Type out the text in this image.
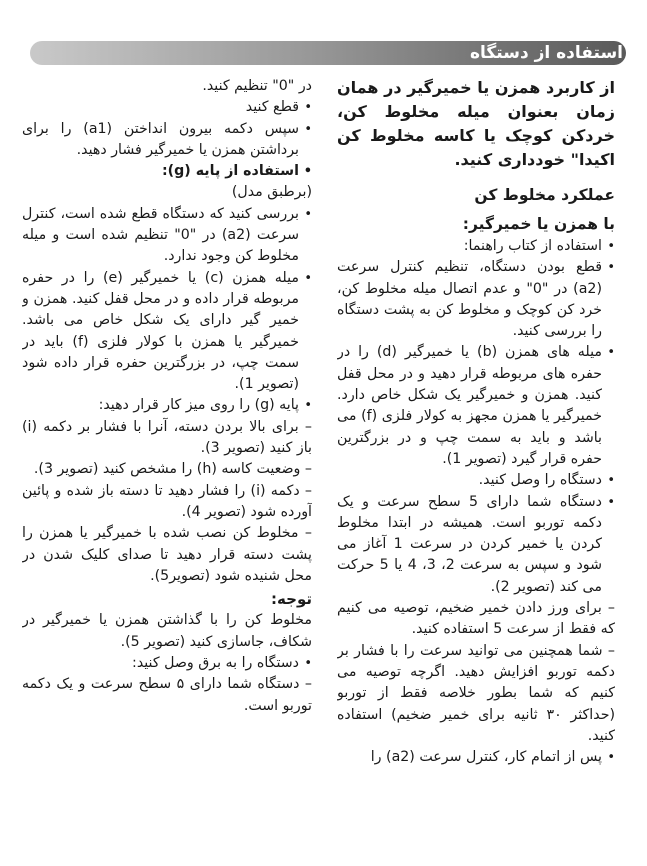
استفاده از دستگاه
از کاربرد همزن یا خمیرگیر در همان زمان بعنوان میله مخلوط کن، خردکن کوچک یا کاسه مخلوط کن اکیدا" خودداری کنید.
عملکرد مخلوط کن
با همزن یا خمیرگیر:
•
استفاده از کتاب راهنما:
•
قطع بودن دستگاه، تنظیم کنترل سرعت (a2) در "0" و عدم اتصال میله مخلوط کن، خرد کن کوچک و مخلوط کن به پشت دستگاه را بررسی کنید.
•
میله های همزن (b) یا خمیرگیر (d) را در حفره های مربوطه قرار دهید و در محل قفل کنید. همزن و خمیرگیر یک شکل خاص دارد. خمیرگیر یا همزن مجهز به کولار فلزی (f) می باشد و باید به سمت چپ و در بزرگترین حفره قرار گیرد (تصویر 1).
•
دستگاه را وصل کنید.
•
دستگاه شما دارای 5 سطح سرعت و یک دکمه توربو است. همیشه در ابتدا مخلوط کردن یا خمیر کردن در سرعت 1 آغاز می شود و سپس به سرعت 2، 3، 4 یا 5 حرکت می کند (تصویر 2).
– برای ورز دادن خمیر ضخیم، توصیه می کنیم که فقط از سرعت 5 استفاده کنید.
– شما همچنین می توانید سرعت را با فشار بر دکمه توربو افزایش دهید. اگرچه توصیه می کنیم که شما بطور خلاصه فقط از توربو (حداکثر ۳۰ ثانیه برای خمیر ضخیم) استفاده کنید.
•
پس از اتمام کار، کنترل سرعت (a2) را
در "0" تنظیم کنید.
•
قطع کنید
•
سپس دکمه بیرون انداختن (a1) را برای برداشتن همزن یا خمیرگیر فشار دهید.
•
استفاده از پایه (g):
(برطبق مدل)
•
بررسی کنید که دستگاه قطع شده است، کنترل سرعت (a2) در "0" تنظیم شده است و میله مخلوط کن وجود ندارد.
•
میله همزن (c) یا خمیرگیر (e) را در حفره مربوطه قرار داده و در محل قفل کنید. همزن و خمیر گیر دارای یک شکل خاص می باشد. خمیرگیر یا همزن با کولار فلزی (f) باید در سمت چپ، در بزرگترین حفره قرار داده شود (تصویر 1).
•
پایه (g) را روی میز کار قرار دهید:
– برای بالا بردن دسته، آنرا با فشار بر دکمه (i) باز کنید (تصویر 3).
– وضعیت کاسه (h) را مشخص کنید (تصویر 3).
– دکمه (i) را فشار دهید تا دسته باز شده و پائین آورده شود (تصویر 4).
– مخلوط کن نصب شده با خمیرگیر یا همزن را پشت دسته قرار دهید تا صدای کلیک شدن در محل شنیده شود (تصویر5).
توجه:
مخلوط کن را با گذاشتن همزن یا خمیرگیر در شکاف، جاسازی کنید (تصویر 5).
•
دستگاه را به برق وصل کنید:
– دستگاه شما دارای ۵ سطح سرعت و یک دکمه توربو است.
